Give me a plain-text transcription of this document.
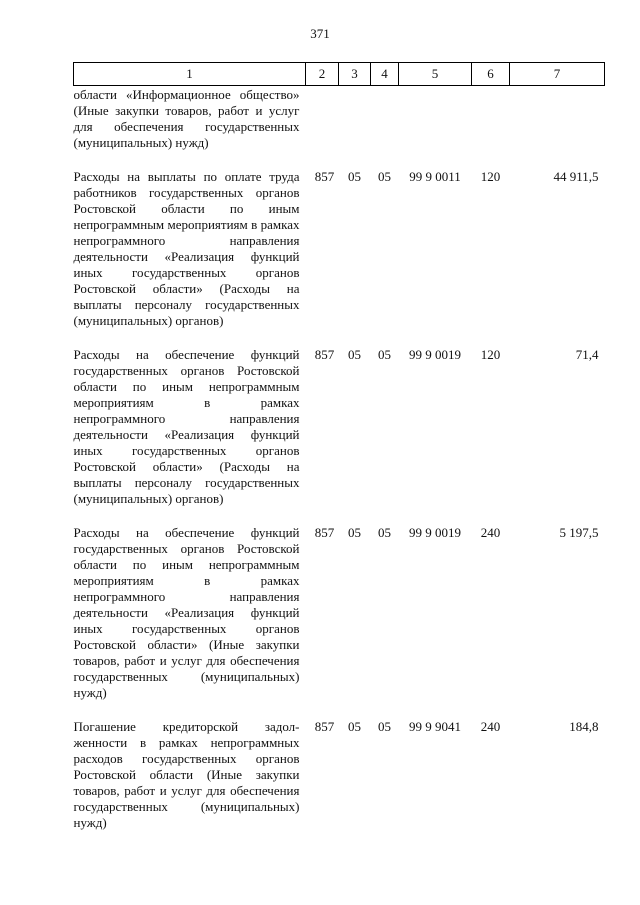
371
1	2	3	4	5	6	7
области «Информационное общество» (Иные закупки товаров, работ и услуг для обеспечения государственных (муниципальных) нужд)						
Расходы на выплаты по оплате труда работников государственных органов Ростовской области по иным непрограммным мероприятиям в рамках непрограммного направления деятельности «Реализация функций иных государственных органов Ростовской области» (Расходы на выплаты персоналу государственных (муниципальных) органов)	857	05	05	99 9 0011	120	44 911,5
Расходы на обеспечение функций государственных органов Ростовской области по иным непрограммным мероприятиям в рамках непрограммного направления деятельности «Реализация функций иных государственных органов Ростовской области» (Расходы на выплаты персоналу государственных (муниципальных) органов)	857	05	05	99 9 0019	120	71,4
Расходы на обеспечение функций государственных органов Ростовской области по иным непрограммным мероприятиям в рамках непрограммного направления деятельности «Реализация функций иных государственных органов Ростовской области» (Иные закупки товаров, работ и услуг для обеспечения государственных (муниципальных) нужд)	857	05	05	99 9 0019	240	5 197,5
Погашение кредиторской задолженности в рамках непрограммных расходов государственных органов Ростовской области (Иные закупки товаров, работ и услуг для обеспечения государственных (муниципальных) нужд)	857	05	05	99 9 9041	240	184,8
